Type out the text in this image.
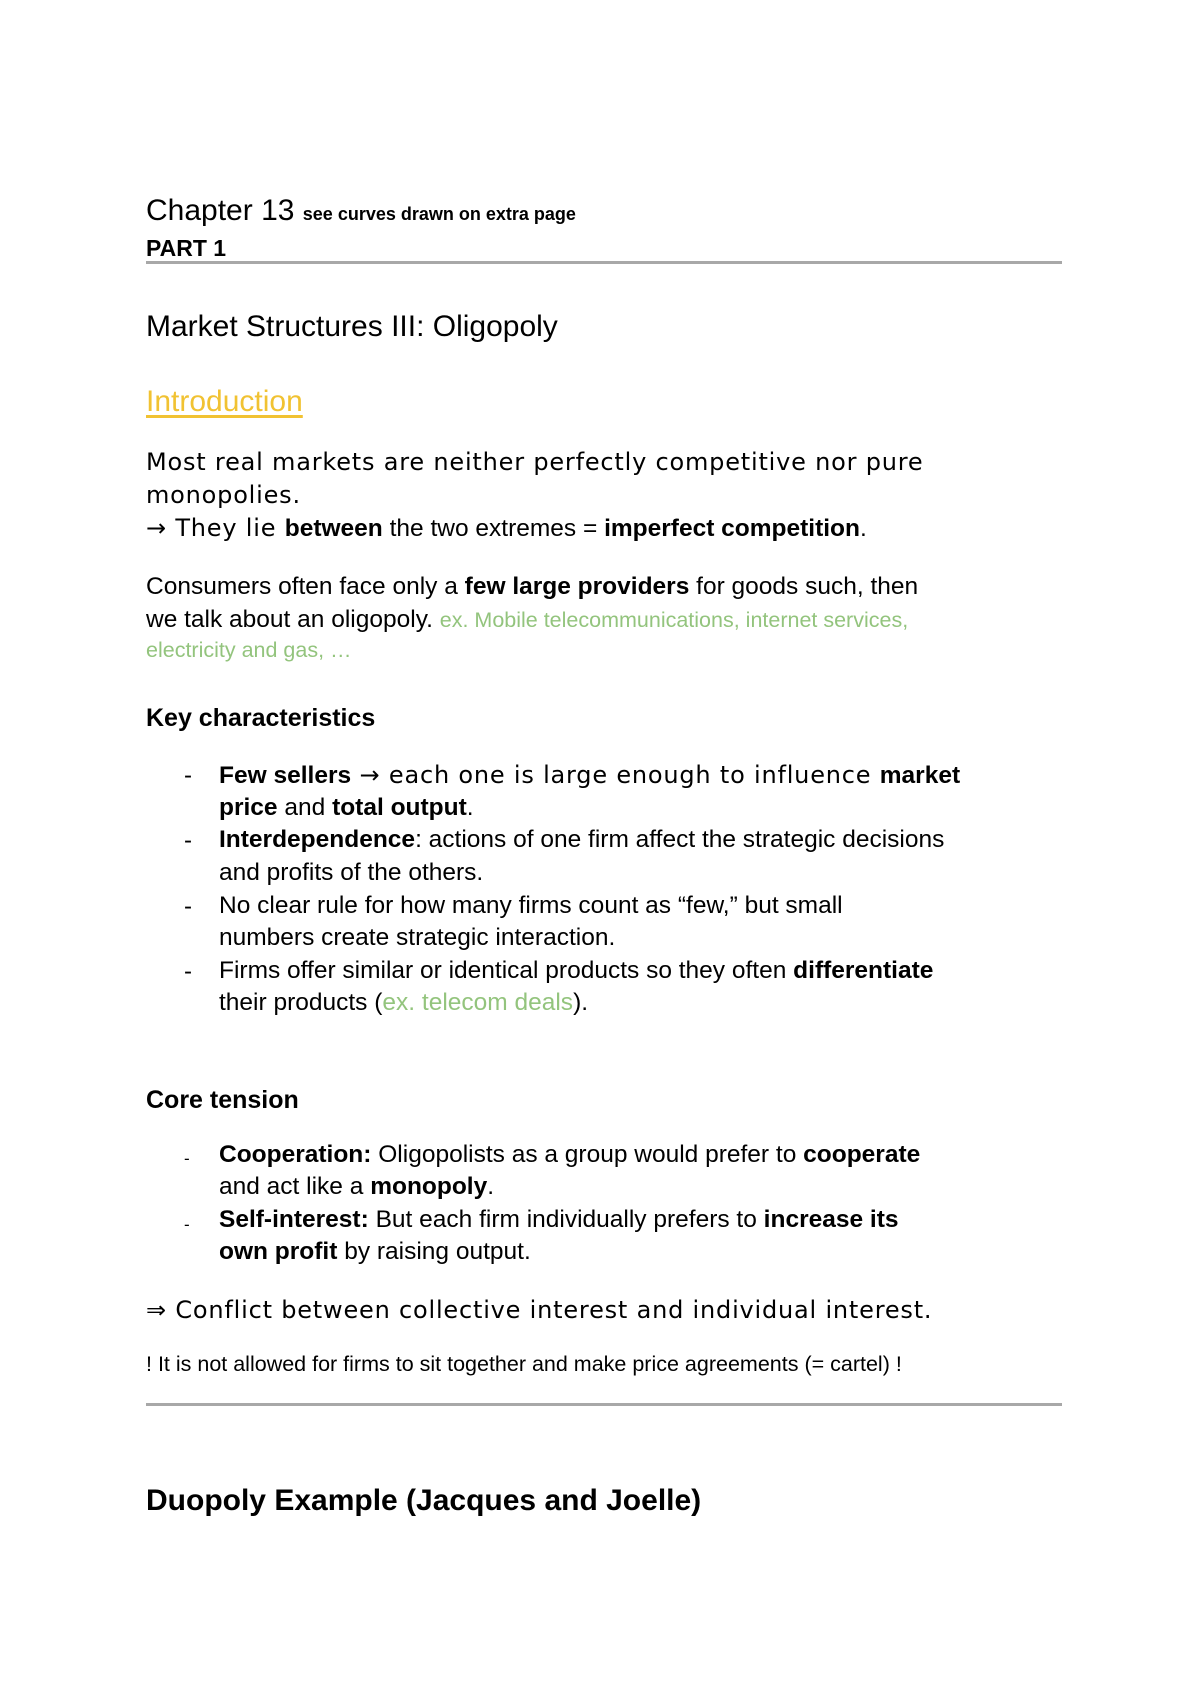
Chapter 13 see curves drawn on extra page
PART 1
Market Structures III: Oligopoly
Introduction
Most real markets are neither perfectly competitive nor pure
monopolies.
→ They lie between the two extremes = imperfect competition.
Consumers often face only a few large providers for goods such, then
we talk about an oligopoly. ex. Mobile telecommunications, internet services,
electricity and gas, …
Key characteristics
- Few sellers → each one is large enough to influence market
price and total output.
- Interdependence: actions of one firm affect the strategic decisions
and profits of the others.
- No clear rule for how many firms count as “few,” but small
numbers create strategic interaction.
- Firms offer similar or identical products so they often differentiate
their products (ex. telecom deals).
Core tension
- Cooperation: Oligopolists as a group would prefer to cooperate
and act like a monopoly.
- Self-interest: But each firm individually prefers to increase its
own profit by raising output.
⇒ Conflict between collective interest and individual interest.
! It is not allowed for firms to sit together and make price agreements (= cartel) !
Duopoly Example (Jacques and Joelle)
